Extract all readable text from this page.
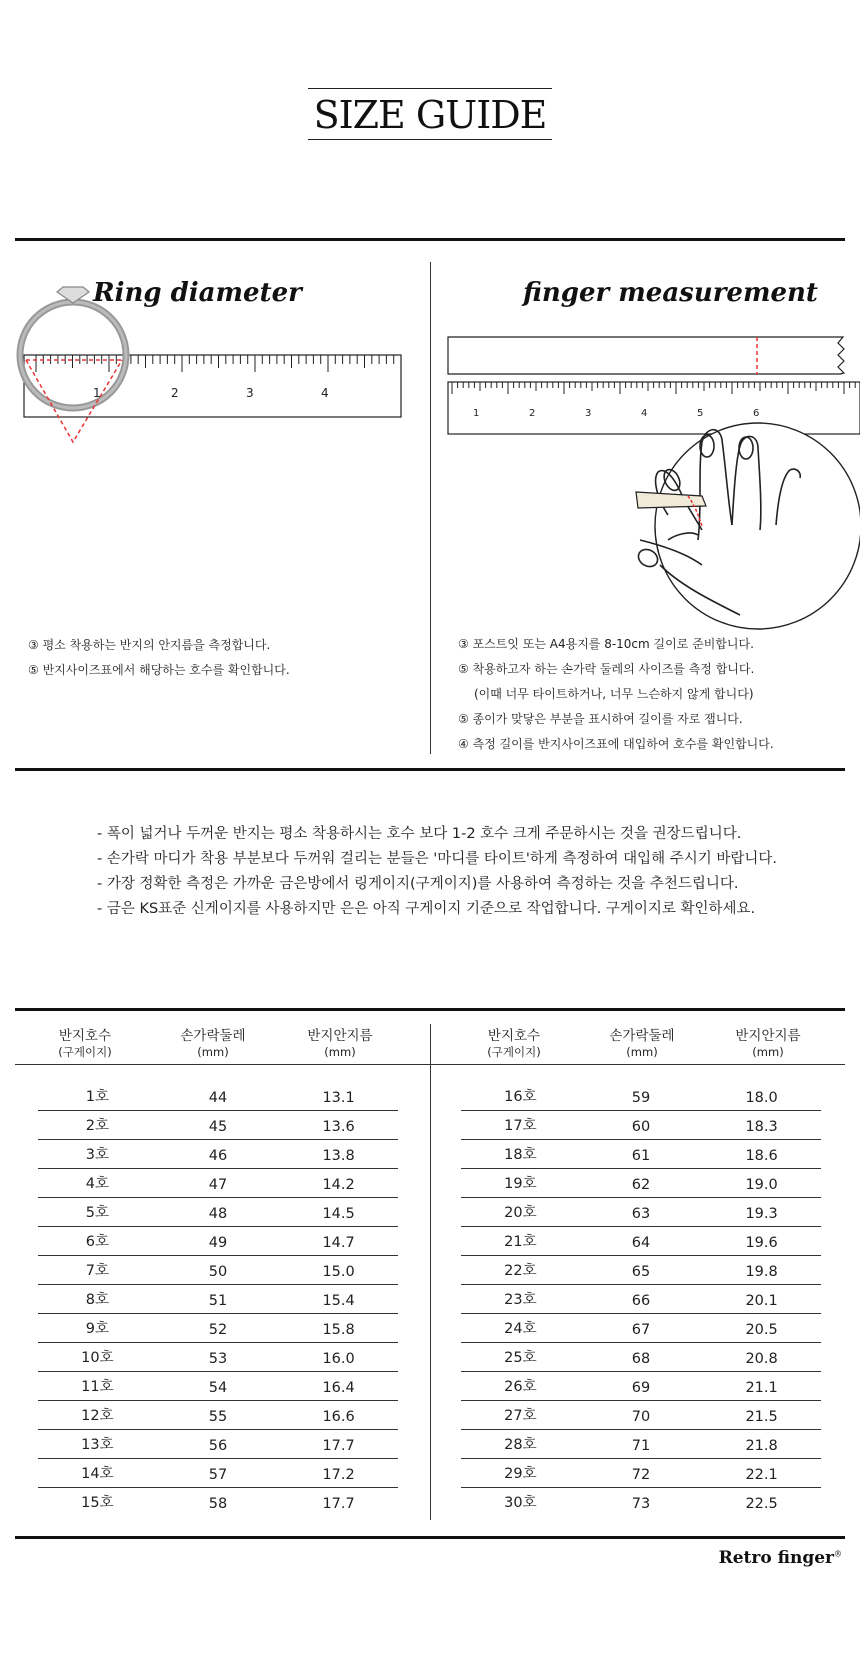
SIZE GUIDE
Ring diameter
1	2	3	4
③ 평소 착용하는 반지의 안지름을 측정합니다.
⑤ 반지사이즈표에서 해당하는 호수를 확인합니다.
finger measurement
1	2	3	4	5	6
③ 포스트잇 또는 A4용지를 8-10cm 길이로 준비합니다.
⑤ 착용하고자 하는 손가락 둘레의 사이즈를 측정 합니다.
(이때 너무 타이트하거나, 너무 느슨하지 않게 합니다)
⑤ 종이가 맞닿은 부분을 표시하여 길이를 자로 잽니다.
④ 측정 길이를 반지사이즈표에 대입하여 호수를 확인합니다.
- 폭이 넓거나 두꺼운 반지는 평소 착용하시는 호수 보다 1-2 호수 크게 주문하시는 것을 권장드립니다.
- 손가락 마디가 착용 부분보다 두꺼워 걸리는 분들은 '마디를 타이트'하게 측정하여 대입해 주시기 바랍니다.
- 가장 정확한 측정은 가까운 금은방에서 링게이지(구게이지)를 사용하여 측정하는 것을 추천드립니다.
- 금은 KS표준 신게이지를 사용하지만 은은 아직 구게이지 기준으로 작업합니다. 구게이지로 확인하세요.
반지호수
(구게이지)
손가락둘레
(mm)
반지안지름
(mm)
반지호수
(구게이지)
손가락둘레
(mm)
반지안지름
(mm)
1호	44	13.1
2호	45	13.6
3호	46	13.8
4호	47	14.2
5호	48	14.5
6호	49	14.7
7호	50	15.0
8호	51	15.4
9호	52	15.8
10호	53	16.0
11호	54	16.4
12호	55	16.6
13호	56	17.7
14호	57	17.2
15호	58	17.7
16호	59	18.0
17호	60	18.3
18호	61	18.6
19호	62	19.0
20호	63	19.3
21호	64	19.6
22호	65	19.8
23호	66	20.1
24호	67	20.5
25호	68	20.8
26호	69	21.1
27호	70	21.5
28호	71	21.8
29호	72	22.1
30호	73	22.5
Retro finger®
